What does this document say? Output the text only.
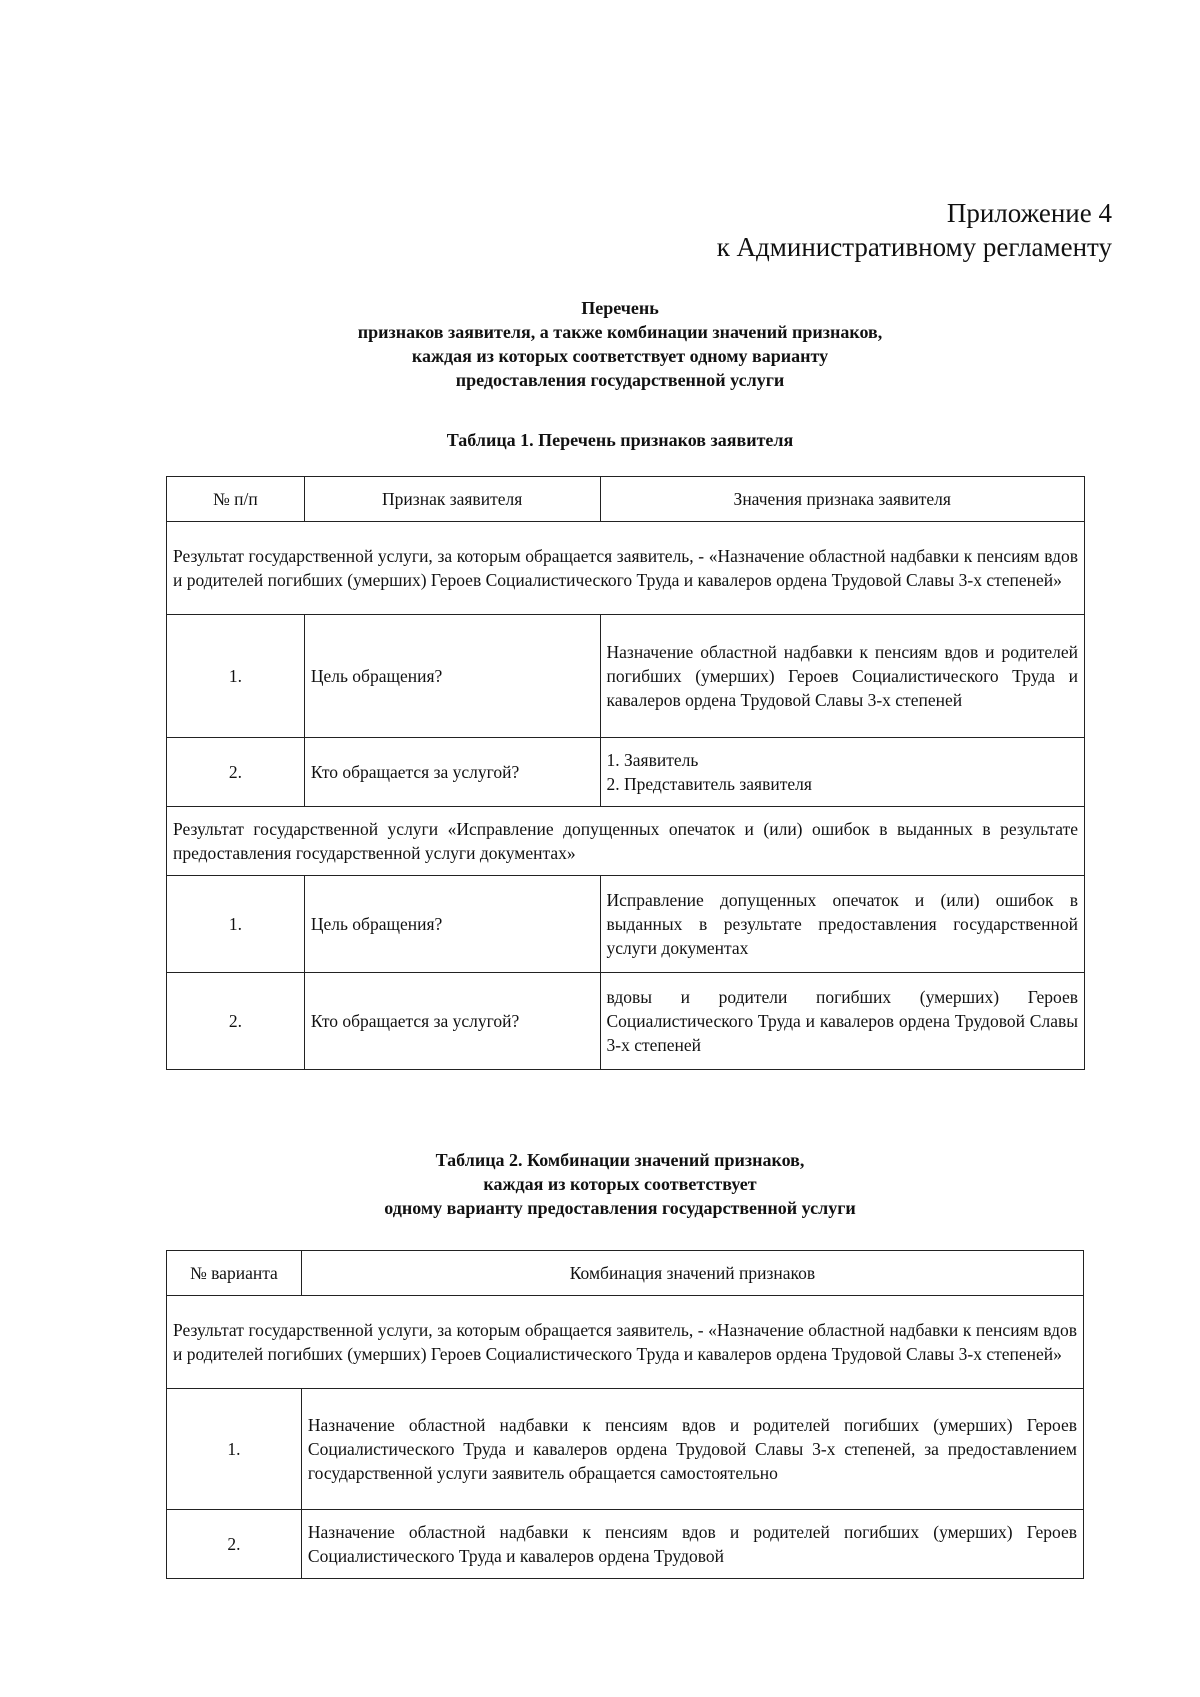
Приложение 4
к Административному регламенту
Перечень
признаков заявителя, а также комбинации значений признаков,
каждая из которых соответствует одному варианту
предоставления государственной услуги
Таблица 1. Перечень признаков заявителя
№ п/п	Признак заявителя	Значения признака заявителя
Результат государственной услуги, за которым обращается заявитель, - «Назначение областной надбавки к пенсиям вдов и родителей погибших (умерших) Героев Социалистического Труда и кавалеров ордена Трудовой Славы 3-х степеней»		
1.	Цель обращения?	Назначение областной надбавки к пенсиям вдов и родителей погибших (умерших) Героев Социалистического Труда и кавалеров ордена Трудовой Славы 3-х степеней
2.	Кто обращается за услугой?	1. Заявитель
2. Представитель заявителя

Результат государственной услуги «Исправление допущенных опечаток и (или) ошибок в выданных в результате предоставления государственной услуги документах»		
1.	Цель обращения?	Исправление допущенных опечаток и (или) ошибок в выданных в результате предоставления государственной услуги документах
2.	Кто обращается за услугой?	вдовы и родители погибших (умерших) Героев Социалистического Труда и кавалеров ордена Трудовой Славы 3-х степеней
Таблица 2. Комбинации значений признаков,
каждая из которых соответствует
одному варианту предоставления государственной услуги
№ варианта	Комбинация значений признаков
Результат государственной услуги, за которым обращается заявитель, - «Назначение областной надбавки к пенсиям вдов и родителей погибших (умерших) Героев Социалистического Труда и кавалеров ордена Трудовой Славы 3-х степеней»	
1.	Назначение областной надбавки к пенсиям вдов и родителей погибших (умерших) Героев Социалистического Труда и кавалеров ордена Трудовой Славы 3-х степеней, за предоставлением государственной услуги заявитель обращается самостоятельно
2.	Назначение областной надбавки к пенсиям вдов и родителей погибших (умерших) Героев Социалистического Труда и кавалеров ордена Трудовой
